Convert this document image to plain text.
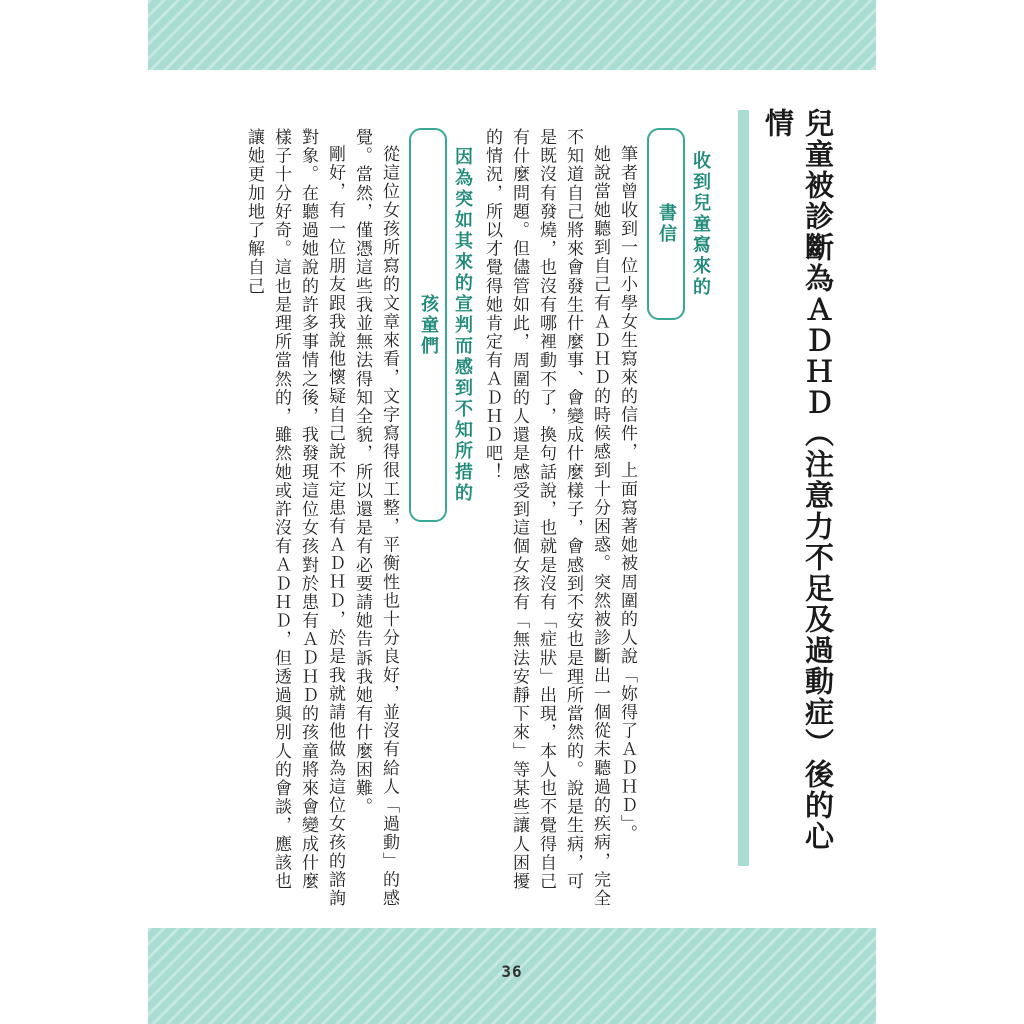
兒童被診斷為ＡＤＨＤ（注意力不足及過動症）後的心情
收到兒童寫來的書信

筆者曾收到一位小學女生寫來的信件，上面寫著她被周圍的人說「妳得了ＡＤＨＤ」。

她說當她聽到自己有ＡＤＨＤ的時候感到十分困惑。突然被診斷出一個從未聽過的疾病，完全不知道自己將來會發生什麼事、會變成什麼樣子，會感到不安也是理所當然的。說是生病，可是既沒有發燒，也沒有哪裡動不了，換句話說，也就是沒有「症狀」出現，本人也不覺得自己有什麼問題。但儘管如此，周圍的人還是感受到這個女孩有「無法安靜下來」等某些讓人困擾的情況，所以才覺得她肯定有ＡＤＨＤ吧！

因為突如其來的宣判而感到不知所措的孩童們

從這位女孩所寫的文章來看，文字寫得很工整，平衡性也十分良好，並沒有給人「過動」的感覺。當然，僅憑這些我並無法得知全貌，所以還是有必要請她告訴我她有什麼困難。

剛好，有一位朋友跟我說他懷疑自己說不定患有ＡＤＨＤ，於是我就請他做為這位女孩的諮詢對象。在聽過她說的許多事情之後，我發現這位女孩對於患有ＡＤＨＤ的孩童將來會變成什麼樣子十分好奇。這也是理所當然的，雖然她或許沒有ＡＤＨＤ，但透過與別人的會談，應該也讓她更加地了解自己

36
